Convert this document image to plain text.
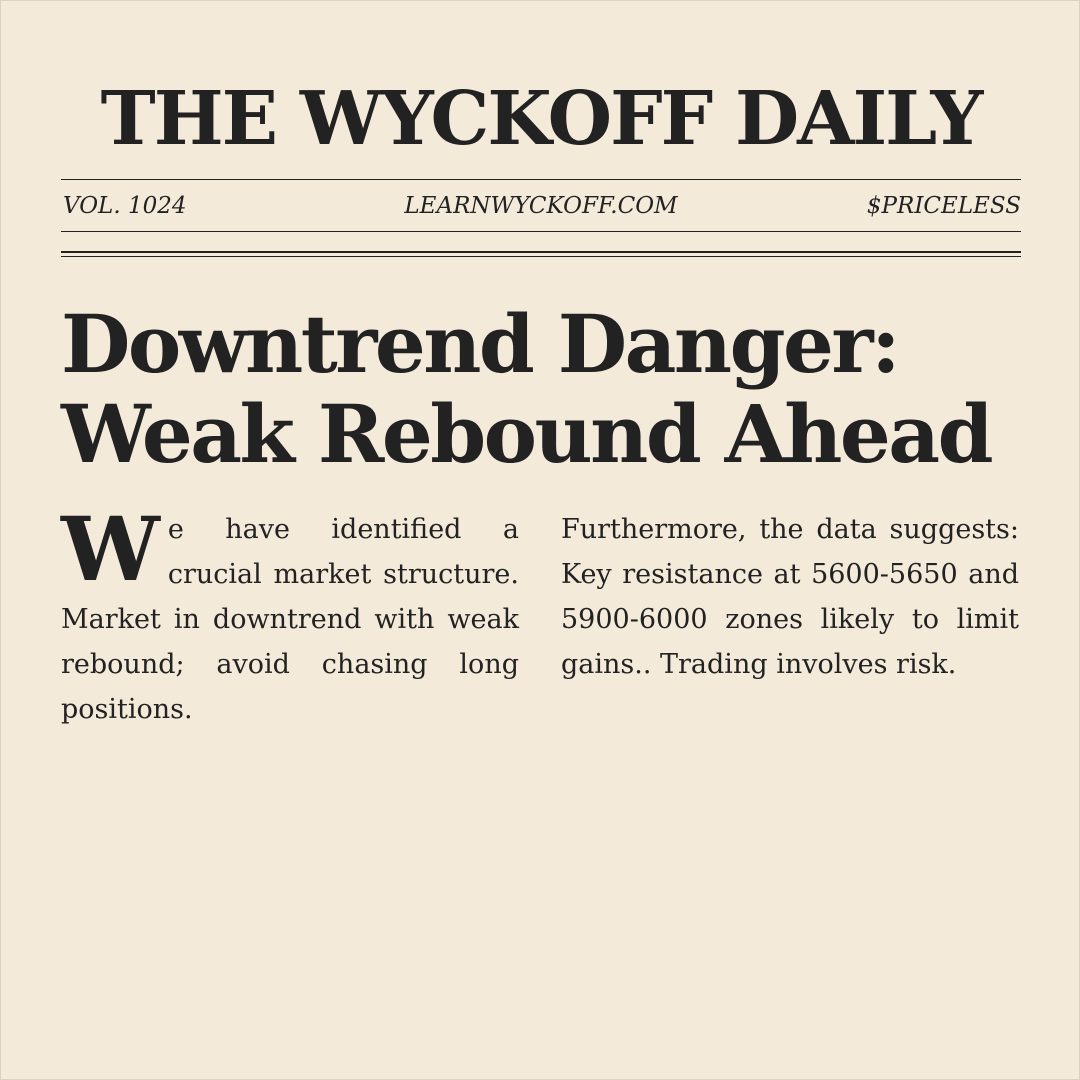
THE WYCKOFF DAILY
VOL. 1024	LEARNWYCKOFF.COM	$PRICELESS
Downtrend Danger:
Weak Rebound Ahead
We have identified a crucial market structure. Market in downtrend with weak rebound; avoid chasing long positions.
Furthermore, the data suggests: Key resistance at 5600-5650 and 5900-6000 zones likely to limit gains.. Trading involves risk.
